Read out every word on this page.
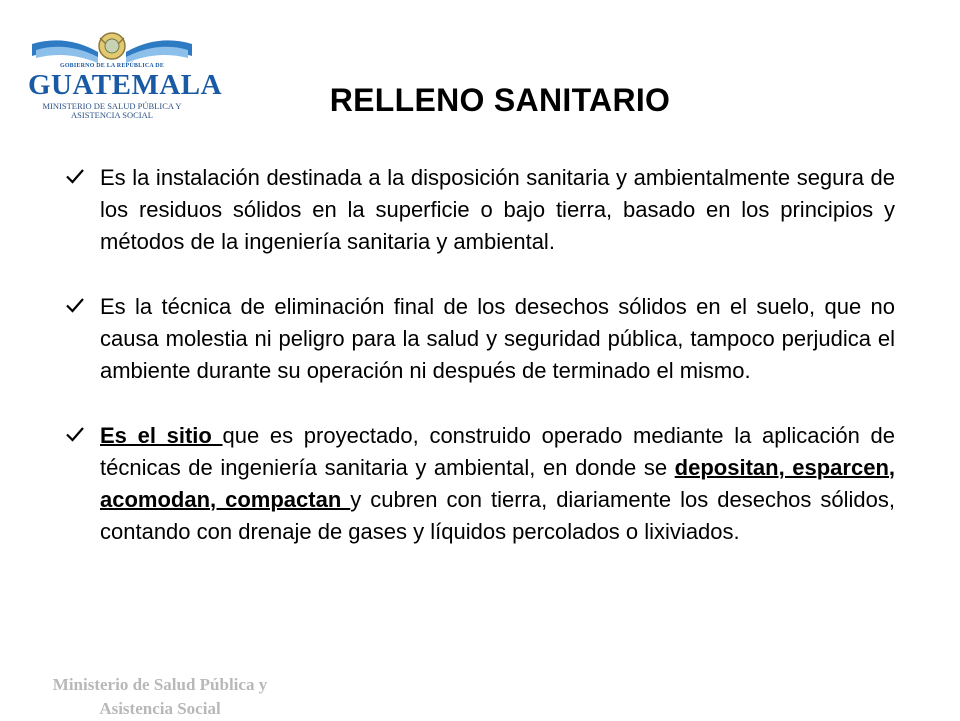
GOBIERNO DE LA REPÚBLICA DE
GUATEMALA
MINISTERIO DE SALUD PÚBLICA Y
ASISTENCIA SOCIAL	RELLENO SANITARIO
Es la instalación destinada a la disposición sanitaria y ambientalmente segura de los residuos sólidos en la superficie o bajo tierra, basado en los principios y métodos de la ingeniería sanitaria y ambiental.
Es la técnica de eliminación final de los desechos sólidos en el suelo, que no causa molestia ni peligro para la salud y seguridad pública, tampoco perjudica el ambiente durante su operación ni después de terminado el mismo.
Es el sitio que es proyectado, construido operado mediante la aplicación de técnicas de ingeniería sanitaria y ambiental, en donde se depositan, esparcen, acomodan, compactan y cubren con tierra, diariamente los desechos sólidos, contando con drenaje de gases y líquidos percolados o lixiviados.
Ministerio de Salud Pública y
Asistencia Social
